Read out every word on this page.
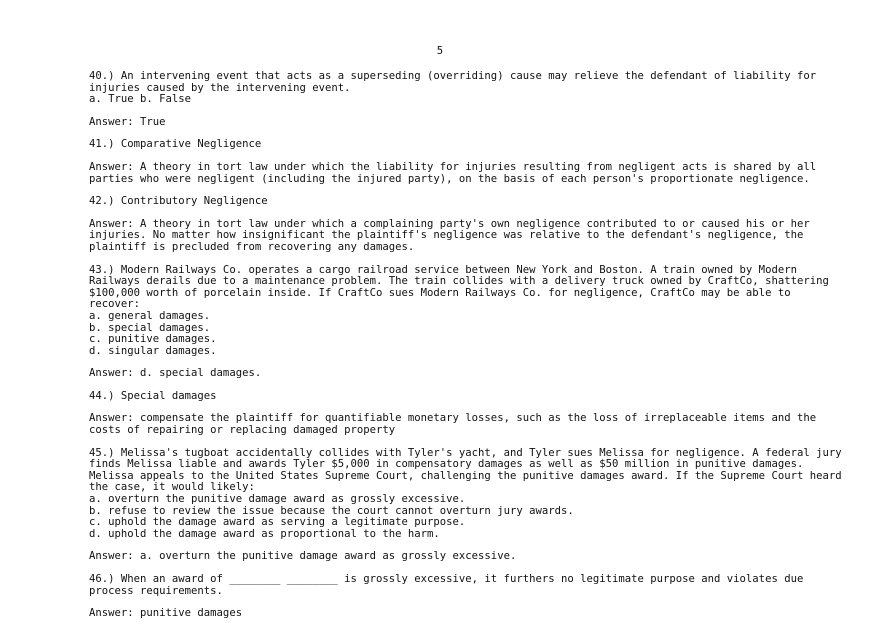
5
40.) An intervening event that acts as a superseding (overriding) cause may relieve the defendant of liability for
injuries caused by the intervening event.
a. True b. False
Answer: True
41.) Comparative Negligence
Answer: A theory in tort law under which the liability for injuries resulting from negligent acts is shared by all
parties who were negligent (including the injured party), on the basis of each person's proportionate negligence.
42.) Contributory Negligence
Answer: A theory in tort law under which a complaining party's own negligence contributed to or caused his or her
injuries. No matter how insignificant the plaintiff's negligence was relative to the defendant's negligence, the
plaintiff is precluded from recovering any damages.
43.) Modern Railways Co. operates a cargo railroad service between New York and Boston. A train owned by Modern
Railways derails due to a maintenance problem. The train collides with a delivery truck owned by CraftCo, shattering
$100,000 worth of porcelain inside. If CraftCo sues Modern Railways Co. for negligence, CraftCo may be able to
recover:
a. general damages.
b. special damages.
c. punitive damages.
d. singular damages.
Answer: d. special damages.
44.) Special damages
Answer: compensate the plaintiff for quantifiable monetary losses, such as the loss of irreplaceable items and the
costs of repairing or replacing damaged property
45.) Melissa's tugboat accidentally collides with Tyler's yacht, and Tyler sues Melissa for negligence. A federal jury
finds Melissa liable and awards Tyler $5,000 in compensatory damages as well as $50 million in punitive damages.
Melissa appeals to the United States Supreme Court, challenging the punitive damages award. If the Supreme Court heard
the case, it would likely:
a. overturn the punitive damage award as grossly excessive.
b. refuse to review the issue because the court cannot overturn jury awards.
c. uphold the damage award as serving a legitimate purpose.
d. uphold the damage award as proportional to the harm.
Answer: a. overturn the punitive damage award as grossly excessive.
46.) When an award of ________ ________ is grossly excessive, it furthers no legitimate purpose and violates due
process requirements.
Answer: punitive damages
